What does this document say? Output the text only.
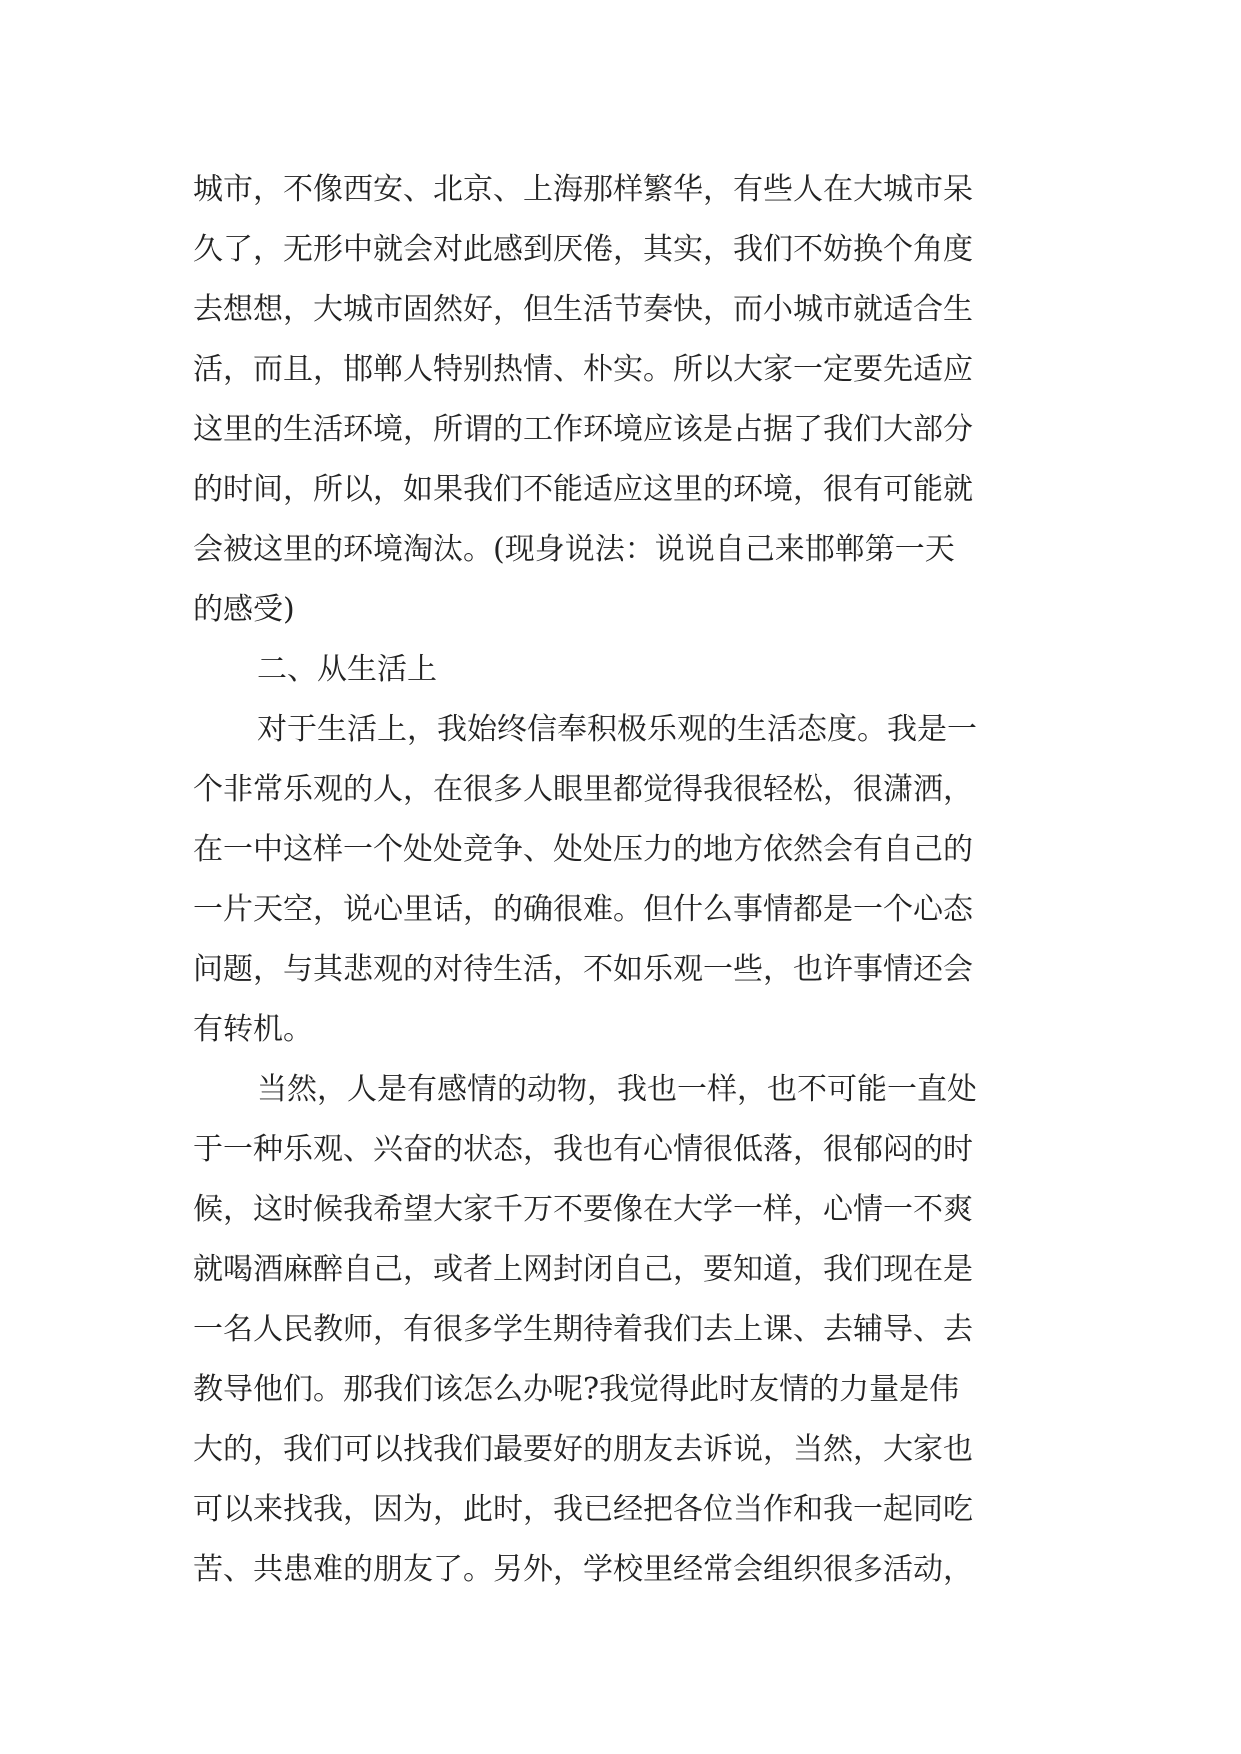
城市，不像西安、北京、上海那样繁华，有些人在大城市呆
久了，无形中就会对此感到厌倦，其实，我们不妨换个角度
去想想，大城市固然好，但生活节奏快，而小城市就适合生
活，而且，邯郸人特别热情、朴实。所以大家一定要先适应
这里的生活环境，所谓的工作环境应该是占据了我们大部分
的时间，所以，如果我们不能适应这里的环境，很有可能就
会被这里的环境淘汰。(现身说法：说说自己来邯郸第一天
的感受)
二、从生活上
对于生活上，我始终信奉积极乐观的生活态度。我是一
个非常乐观的人，在很多人眼里都觉得我很轻松，很潇洒，
在一中这样一个处处竞争、处处压力的地方依然会有自己的
一片天空，说心里话，的确很难。但什么事情都是一个心态
问题，与其悲观的对待生活，不如乐观一些，也许事情还会
有转机。
当然，人是有感情的动物，我也一样，也不可能一直处
于一种乐观、兴奋的状态，我也有心情很低落，很郁闷的时
候，这时候我希望大家千万不要像在大学一样，心情一不爽
就喝酒麻醉自己，或者上网封闭自己，要知道，我们现在是
一名人民教师，有很多学生期待着我们去上课、去辅导、去
教导他们。那我们该怎么办呢?我觉得此时友情的力量是伟
大的，我们可以找我们最要好的朋友去诉说，当然，大家也
可以来找我，因为，此时，我已经把各位当作和我一起同吃
苦、共患难的朋友了。另外，学校里经常会组织很多活动，
